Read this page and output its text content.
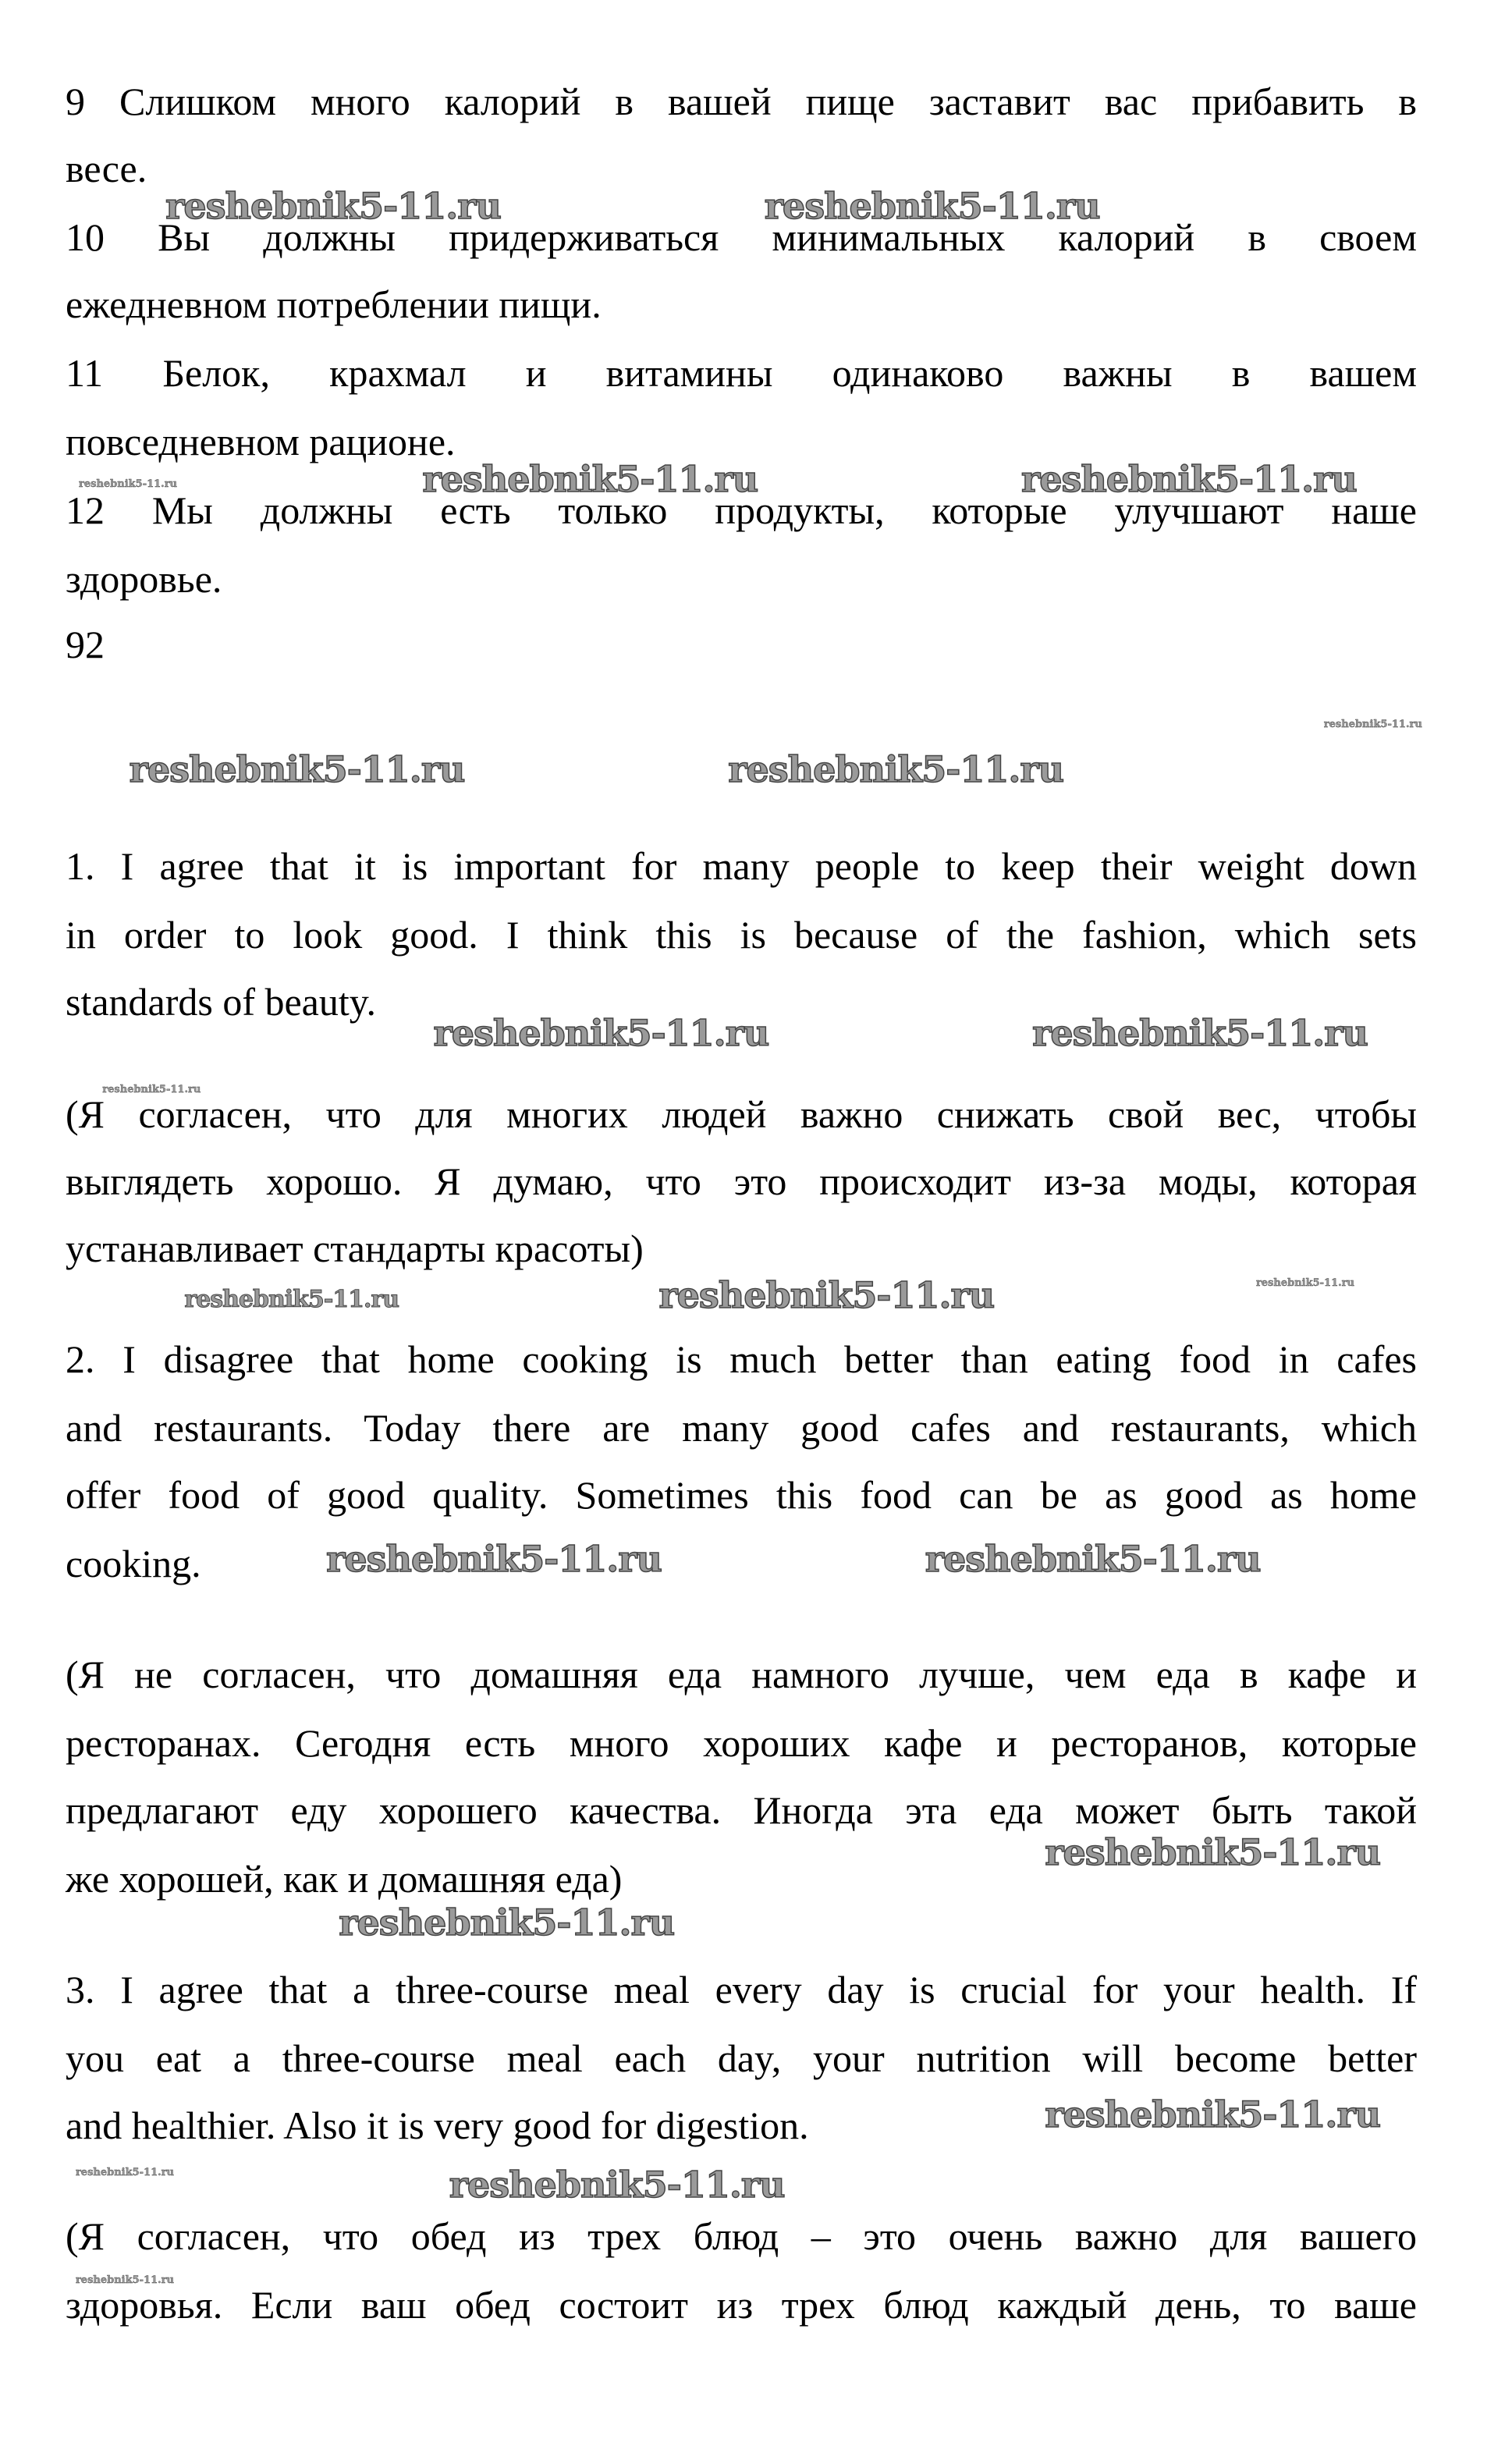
9 Слишком много калорий в вашей пище заставит вас прибавить в
весе.
10 Вы должны придерживаться минимальных калорий в своем
ежедневном потреблении пищи.
11 Белок, крахмал и витамины одинаково важны в вашем
повседневном рационе.
12 Мы должны есть только продукты, которые улучшают наше
здоровье.
92
1. I agree that it is important for many people to keep their weight down
in order to look good. I think this is because of the fashion, which sets
standards of beauty.
(Я согласен, что для многих людей важно снижать свой вес, чтобы
выглядеть хорошо. Я думаю, что это происходит из-за моды, которая
устанавливает стандарты красоты)
2. I disagree that home cooking is much better than eating food in cafes
and restaurants. Today there are many good cafes and restaurants, which
offer food of good quality. Sometimes this food can be as good as home
cooking.
(Я не согласен, что домашняя еда намного лучше, чем еда в кафе и
ресторанах. Сегодня есть много хороших кафе и ресторанов, которые
предлагают еду хорошего качества. Иногда эта еда может быть такой
же хорошей, как и домашняя еда)
3. I agree that a three-course meal every day is crucial for your health. If
you eat a three-course meal each day, your nutrition will become better
and healthier. Also it is very good for digestion.
(Я согласен, что обед из трех блюд – это очень важно для вашего
здоровья. Если ваш обед состоит из трех блюд каждый день, то ваше
reshebnik5-11.ru	reshebnik5-11.ru
reshebnik5-11.ru	reshebnik5-11.ru
reshebnik5-11.ru	reshebnik5-11.ru
reshebnik5-11.ru	reshebnik5-11.ru
reshebnik5-11.ru
reshebnik5-11.ru	reshebnik5-11.ru
reshebnik5-11.ru
reshebnik5-11.ru
reshebnik5-11.ru
reshebnik5-11.ru
reshebnik5-11.ru
reshebnik5-11.ru
reshebnik5-11.ru
reshebnik5-11.ru
reshebnik5-11.ru
reshebnik5-11.ru
reshebnik5-11.ru
